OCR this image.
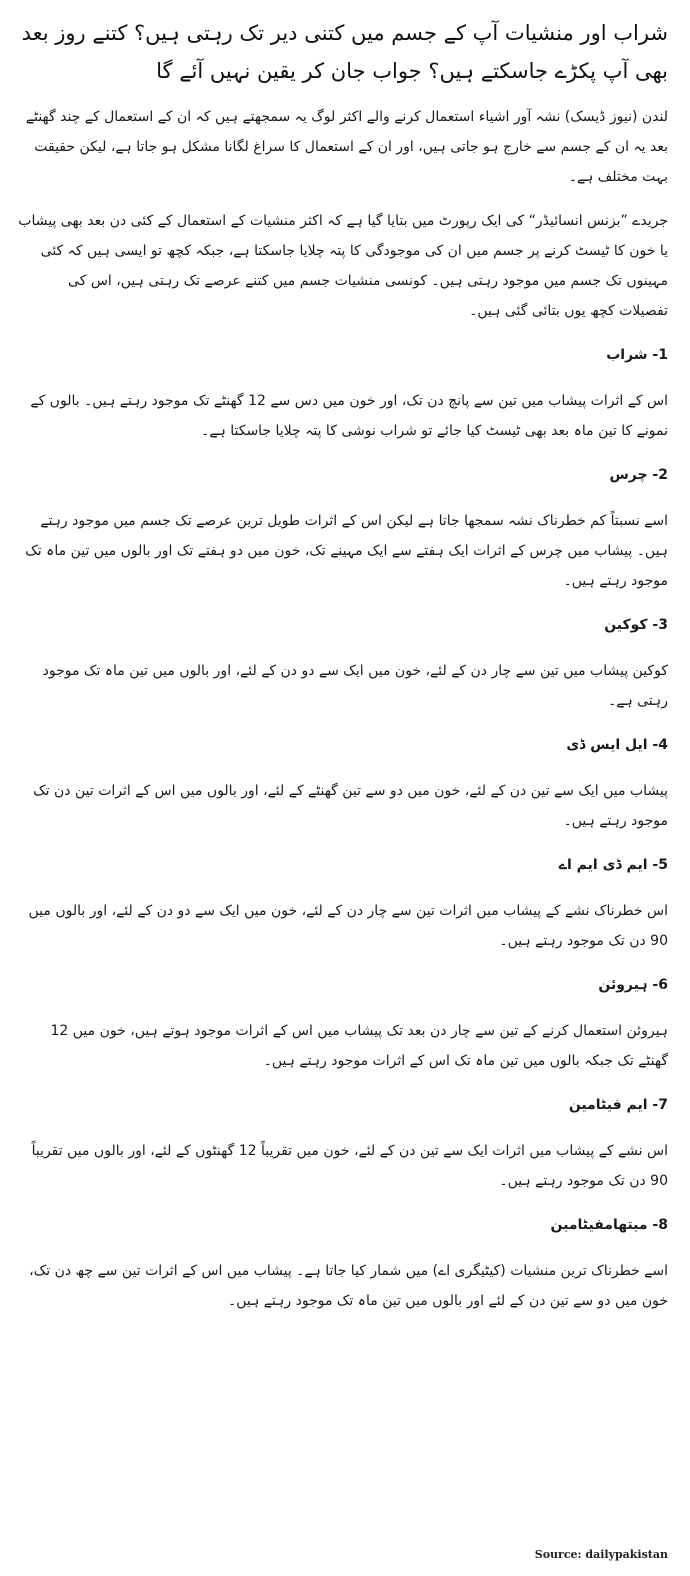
شراب اور منشیات آپ کے جسم میں کتنی دیر تک رہتی ہیں؟ کتنے روز بعد بھی آپ پکڑے جاسکتے ہیں؟ جواب جان کر یقین نہیں آئے گا

لندن (نیوز ڈیسک) نشہ آور اشیاء استعمال کرنے والے اکثر لوگ یہ سمجھتے ہیں کہ ان کے استعمال کے چند گھنٹے بعد یہ ان کے جسم سے خارج ہو جاتی ہیں، اور ان کے استعمال کا سراغ لگانا مشکل ہو جاتا ہے، لیکن حقیقت بہت مختلف ہے۔

جریدے ”بزنس انسائیڈر“ کی ایک رپورٹ میں بتایا گیا ہے کہ اکثر منشیات کے استعمال کے کئی دن بعد بھی پیشاب یا خون کا ٹیسٹ کرنے پر جسم میں ان کی موجودگی کا پتہ چلایا جاسکتا ہے، جبکہ کچھ تو ایسی ہیں کہ کئی مہینوں تک جسم میں موجود رہتی ہیں۔ کونسی منشیات جسم میں کتنے عرصے تک رہتی ہیں، اس کی تفصیلات کچھ یوں بتائی گئی ہیں۔

1- شراب

اس کے اثرات پیشاب میں تین سے پانچ دن تک، اور خون میں دس سے 12 گھنٹے تک موجود رہتے ہیں۔ بالوں کے نمونے کا تین ماہ بعد بھی ٹیسٹ کیا جائے تو شراب نوشی کا پتہ چلایا جاسکتا ہے۔

2- چرس

اسے نسبتاً کم خطرناک نشہ سمجھا جاتا ہے لیکن اس کے اثرات طویل ترین عرصے تک جسم میں موجود رہتے ہیں۔ پیشاب میں چرس کے اثرات ایک ہفتے سے ایک مہینے تک، خون میں دو ہفتے تک اور بالوں میں تین ماہ تک موجود رہتے ہیں۔

3- کوکین

کوکین پیشاب میں تین سے چار دن کے لئے، خون میں ایک سے دو دن کے لئے، اور بالوں میں تین ماہ تک موجود رہتی ہے۔

4- ایل ایس ڈی

پیشاب میں ایک سے تین دن کے لئے، خون میں دو سے تین گھنٹے کے لئے، اور بالوں میں اس کے اثرات تین دن تک موجود رہتے ہیں۔

5- ایم ڈی ایم اے

اس خطرناک نشے کے پیشاب میں اثرات تین سے چار دن کے لئے، خون میں ایک سے دو دن کے لئے، اور بالوں میں 90 دن تک موجود رہتے ہیں۔

6- ہیروئن

ہیروئن استعمال کرنے کے تین سے چار دن بعد تک پیشاب میں اس کے اثرات موجود ہوتے ہیں، خون میں 12 گھنٹے تک جبکہ بالوں میں تین ماہ تک اس کے اثرات موجود رہتے ہیں۔

7- ایم فیٹامین

اس نشے کے پیشاب میں اثرات ایک سے تین دن کے لئے، خون میں تقریباً 12 گھنٹوں کے لئے، اور بالوں میں تقریباً 90 دن تک موجود رہتے ہیں۔

8- میتھامفیٹامین

اسے خطرناک ترین منشیات (کیٹیگری اے) میں شمار کیا جاتا ہے۔ پیشاب میں اس کے اثرات تین سے چھ دن تک، خون میں دو سے تین دن کے لئے اور بالوں میں تین ماہ تک موجود رہتے ہیں۔

Source: dailypakistan
